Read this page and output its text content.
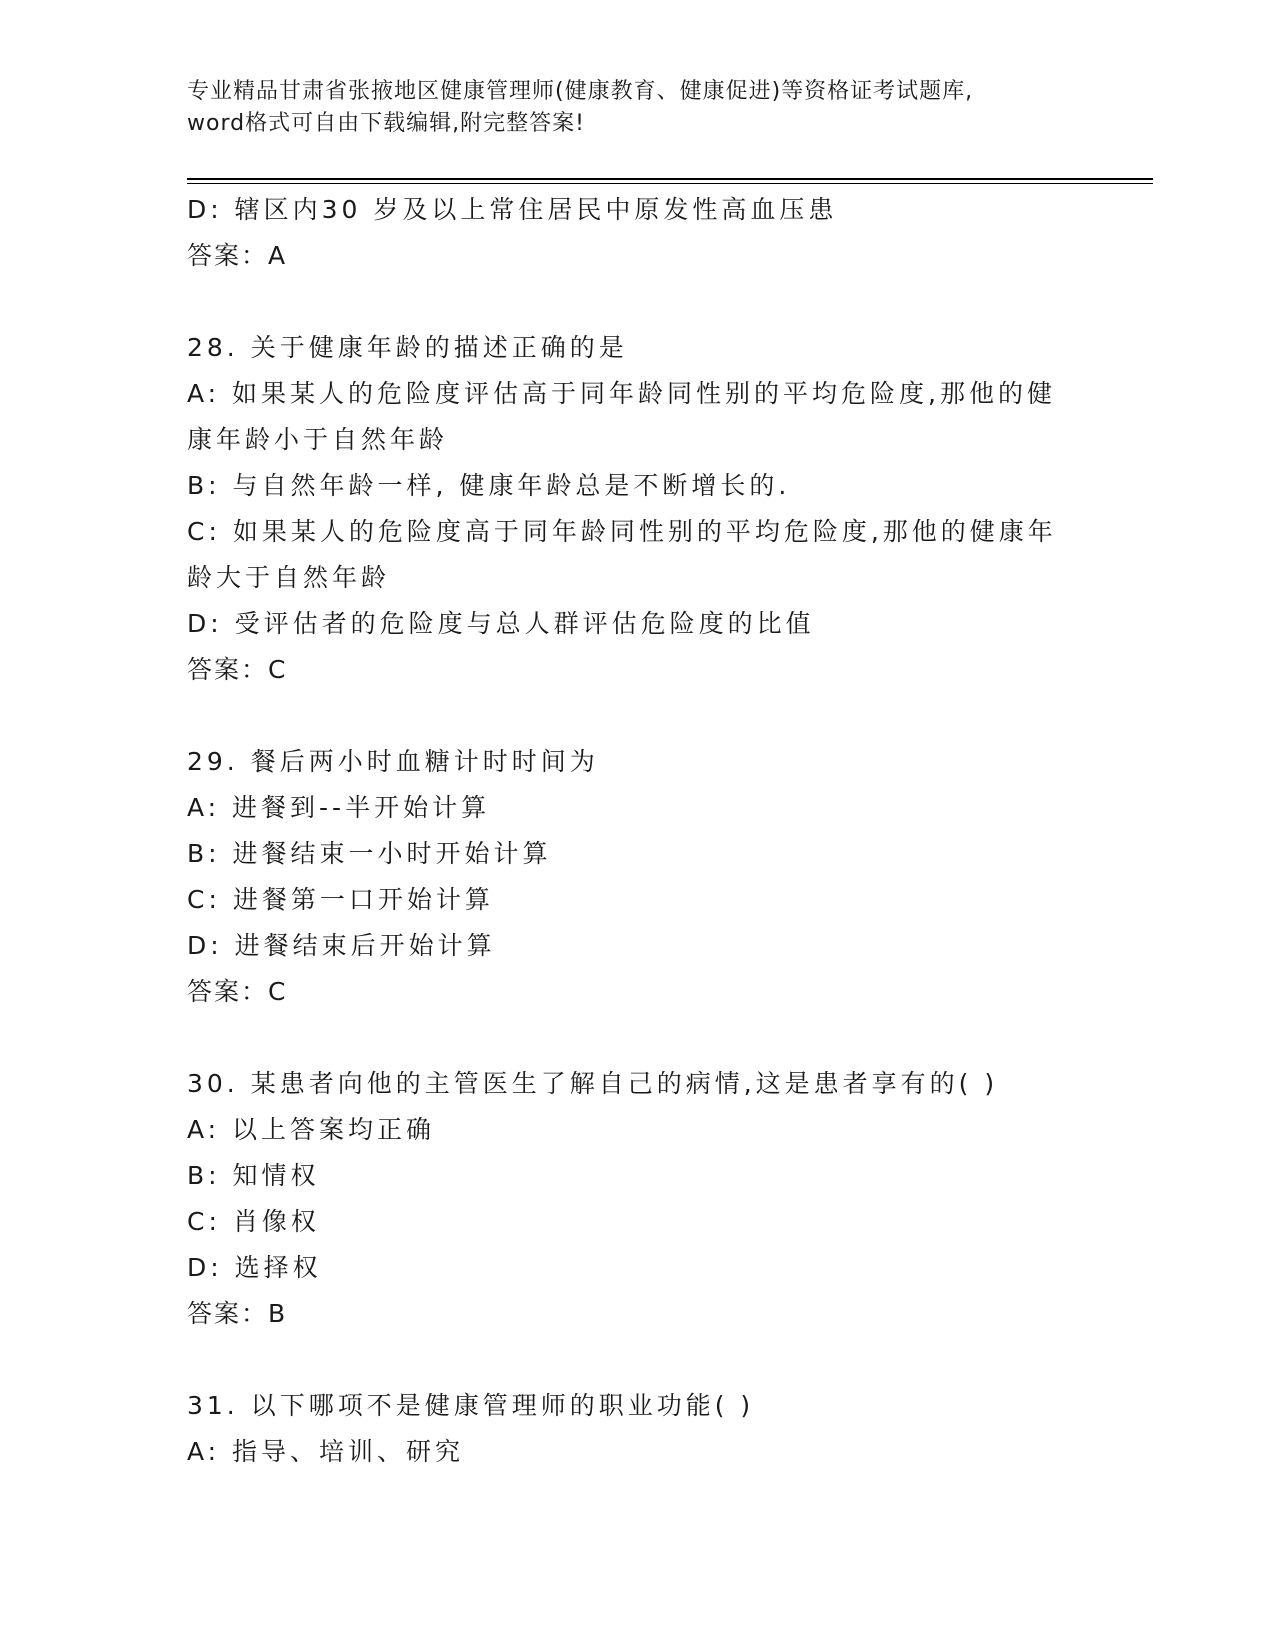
专业精品甘肃省张掖地区健康管理师(健康教育、健康促进)等资格证考试题库,
word格式可自由下载编辑,附完整答案!
D: 辖区内30 岁及以上常住居民中原发性高血压患
答案：A
28. 关于健康年龄的描述正确的是
A: 如果某人的危险度评估高于同年龄同性别的平均危险度,那他的健
康年龄小于自然年龄
B: 与自然年龄一样, 健康年龄总是不断增长的.
C: 如果某人的危险度高于同年龄同性别的平均危险度,那他的健康年
龄大于自然年龄
D: 受评估者的危险度与总人群评估危险度的比值
答案：C
29. 餐后两小时血糖计时时间为
A: 进餐到--半开始计算
B: 进餐结束一小时开始计算
C: 进餐第一口开始计算
D: 进餐结束后开始计算
答案：C
30. 某患者向他的主管医生了解自己的病情,这是患者享有的( )
A: 以上答案均正确
B: 知情权
C: 肖像权
D: 选择权
答案：B
31. 以下哪项不是健康管理师的职业功能( )
A: 指导、培训、研究
